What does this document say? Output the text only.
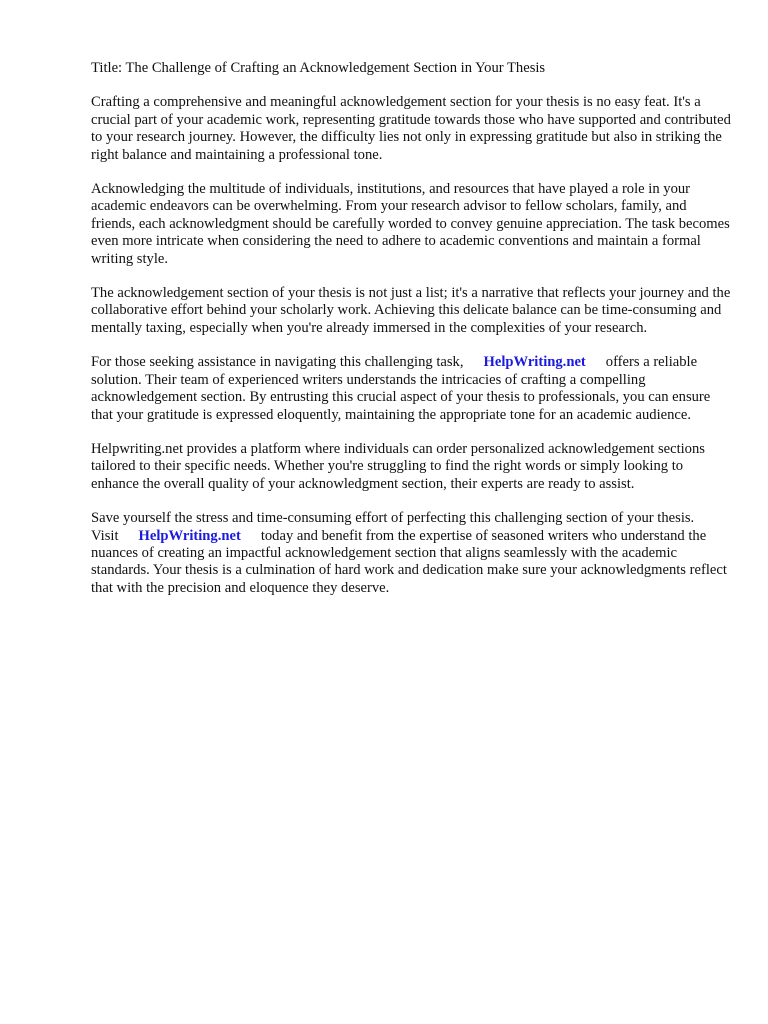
Title: The Challenge of Crafting an Acknowledgement Section in Your Thesis

Crafting a comprehensive and meaningful acknowledgement section for your thesis is no easy feat. It's a crucial part of your academic work, representing gratitude towards those who have supported and contributed to your research journey. However, the difficulty lies not only in expressing gratitude but also in striking the right balance and maintaining a professional tone.

Acknowledging the multitude of individuals, institutions, and resources that have played a role in your academic endeavors can be overwhelming. From your research advisor to fellow scholars, family, and friends, each acknowledgment should be carefully worded to convey genuine appreciation. The task becomes even more intricate when considering the need to adhere to academic conventions and maintain a formal writing style.

The acknowledgement section of your thesis is not just a list; it's a narrative that reflects your journey and the collaborative effort behind your scholarly work. Achieving this delicate balance can be time-consuming and mentally taxing, especially when you're already immersed in the complexities of your research.

For those seeking assistance in navigating this challenging task, HelpWriting.net offers a reliable solution. Their team of experienced writers understands the intricacies of crafting a compelling acknowledgement section. By entrusting this crucial aspect of your thesis to professionals, you can ensure that your gratitude is expressed eloquently, maintaining the appropriate tone for an academic audience.

Helpwriting.net provides a platform where individuals can order personalized acknowledgement sections tailored to their specific needs. Whether you're struggling to find the right words or simply looking to enhance the overall quality of your acknowledgment section, their experts are ready to assist.

Save yourself the stress and time-consuming effort of perfecting this challenging section of your thesis. Visit HelpWriting.net today and benefit from the expertise of seasoned writers who understand the nuances of creating an impactful acknowledgement section that aligns seamlessly with the academic standards. Your thesis is a culmination of hard work and dedication make sure your acknowledgments reflect that with the precision and eloquence they deserve.
